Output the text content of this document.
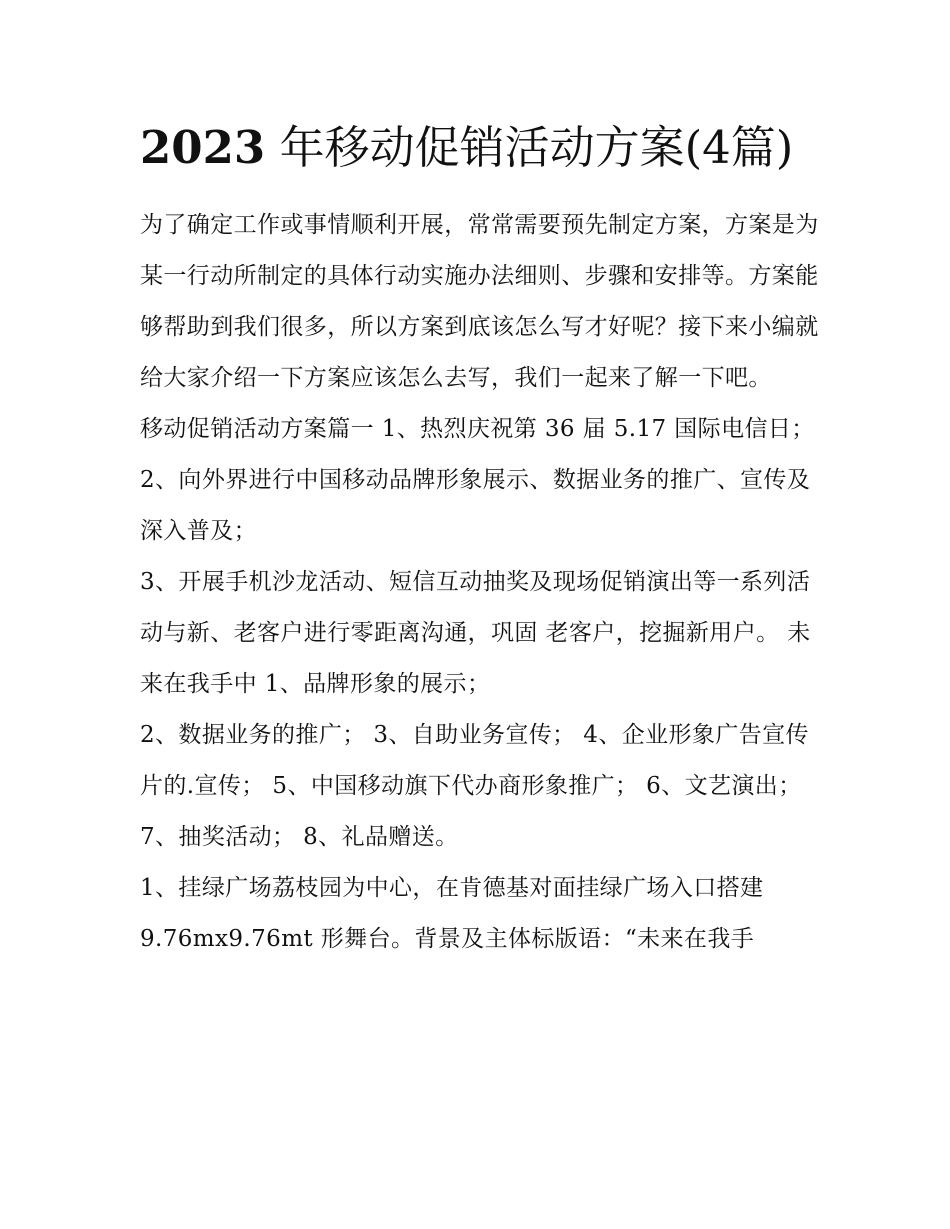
2023 年移动促销活动方案(4篇)

为了确定工作或事情顺利开展，常常需要预先制定方案，方案是为某一行动所制定的具体行动实施办法细则、步骤和安排等。方案能够帮助到我们很多，所以方案到底该怎么写才好呢？接下来小编就给大家介绍一下方案应该怎么去写，我们一起来了解一下吧。

移动促销活动方案篇一 1、热烈庆祝第 36 届 5.17 国际电信日；

2、向外界进行中国移动品牌形象展示、数据业务的推广、宣传及深入普及；

3、开展手机沙龙活动、短信互动抽奖及现场促销演出等一系列活动与新、老客户进行零距离沟通，巩固 老客户，挖掘新用户。 未来在我手中 1、品牌形象的展示；

2、数据业务的推广； 3、自助业务宣传； 4、企业形象广告宣传片的.宣传； 5、中国移动旗下代办商形象推广； 6、文艺演出； 7、抽奖活动； 8、礼品赠送。

1、挂绿广场荔枝园为中心，在肯德基对面挂绿广场入口搭建 9.76mx9.76mt 形舞台。背景及主体标版语：“未来在我手
